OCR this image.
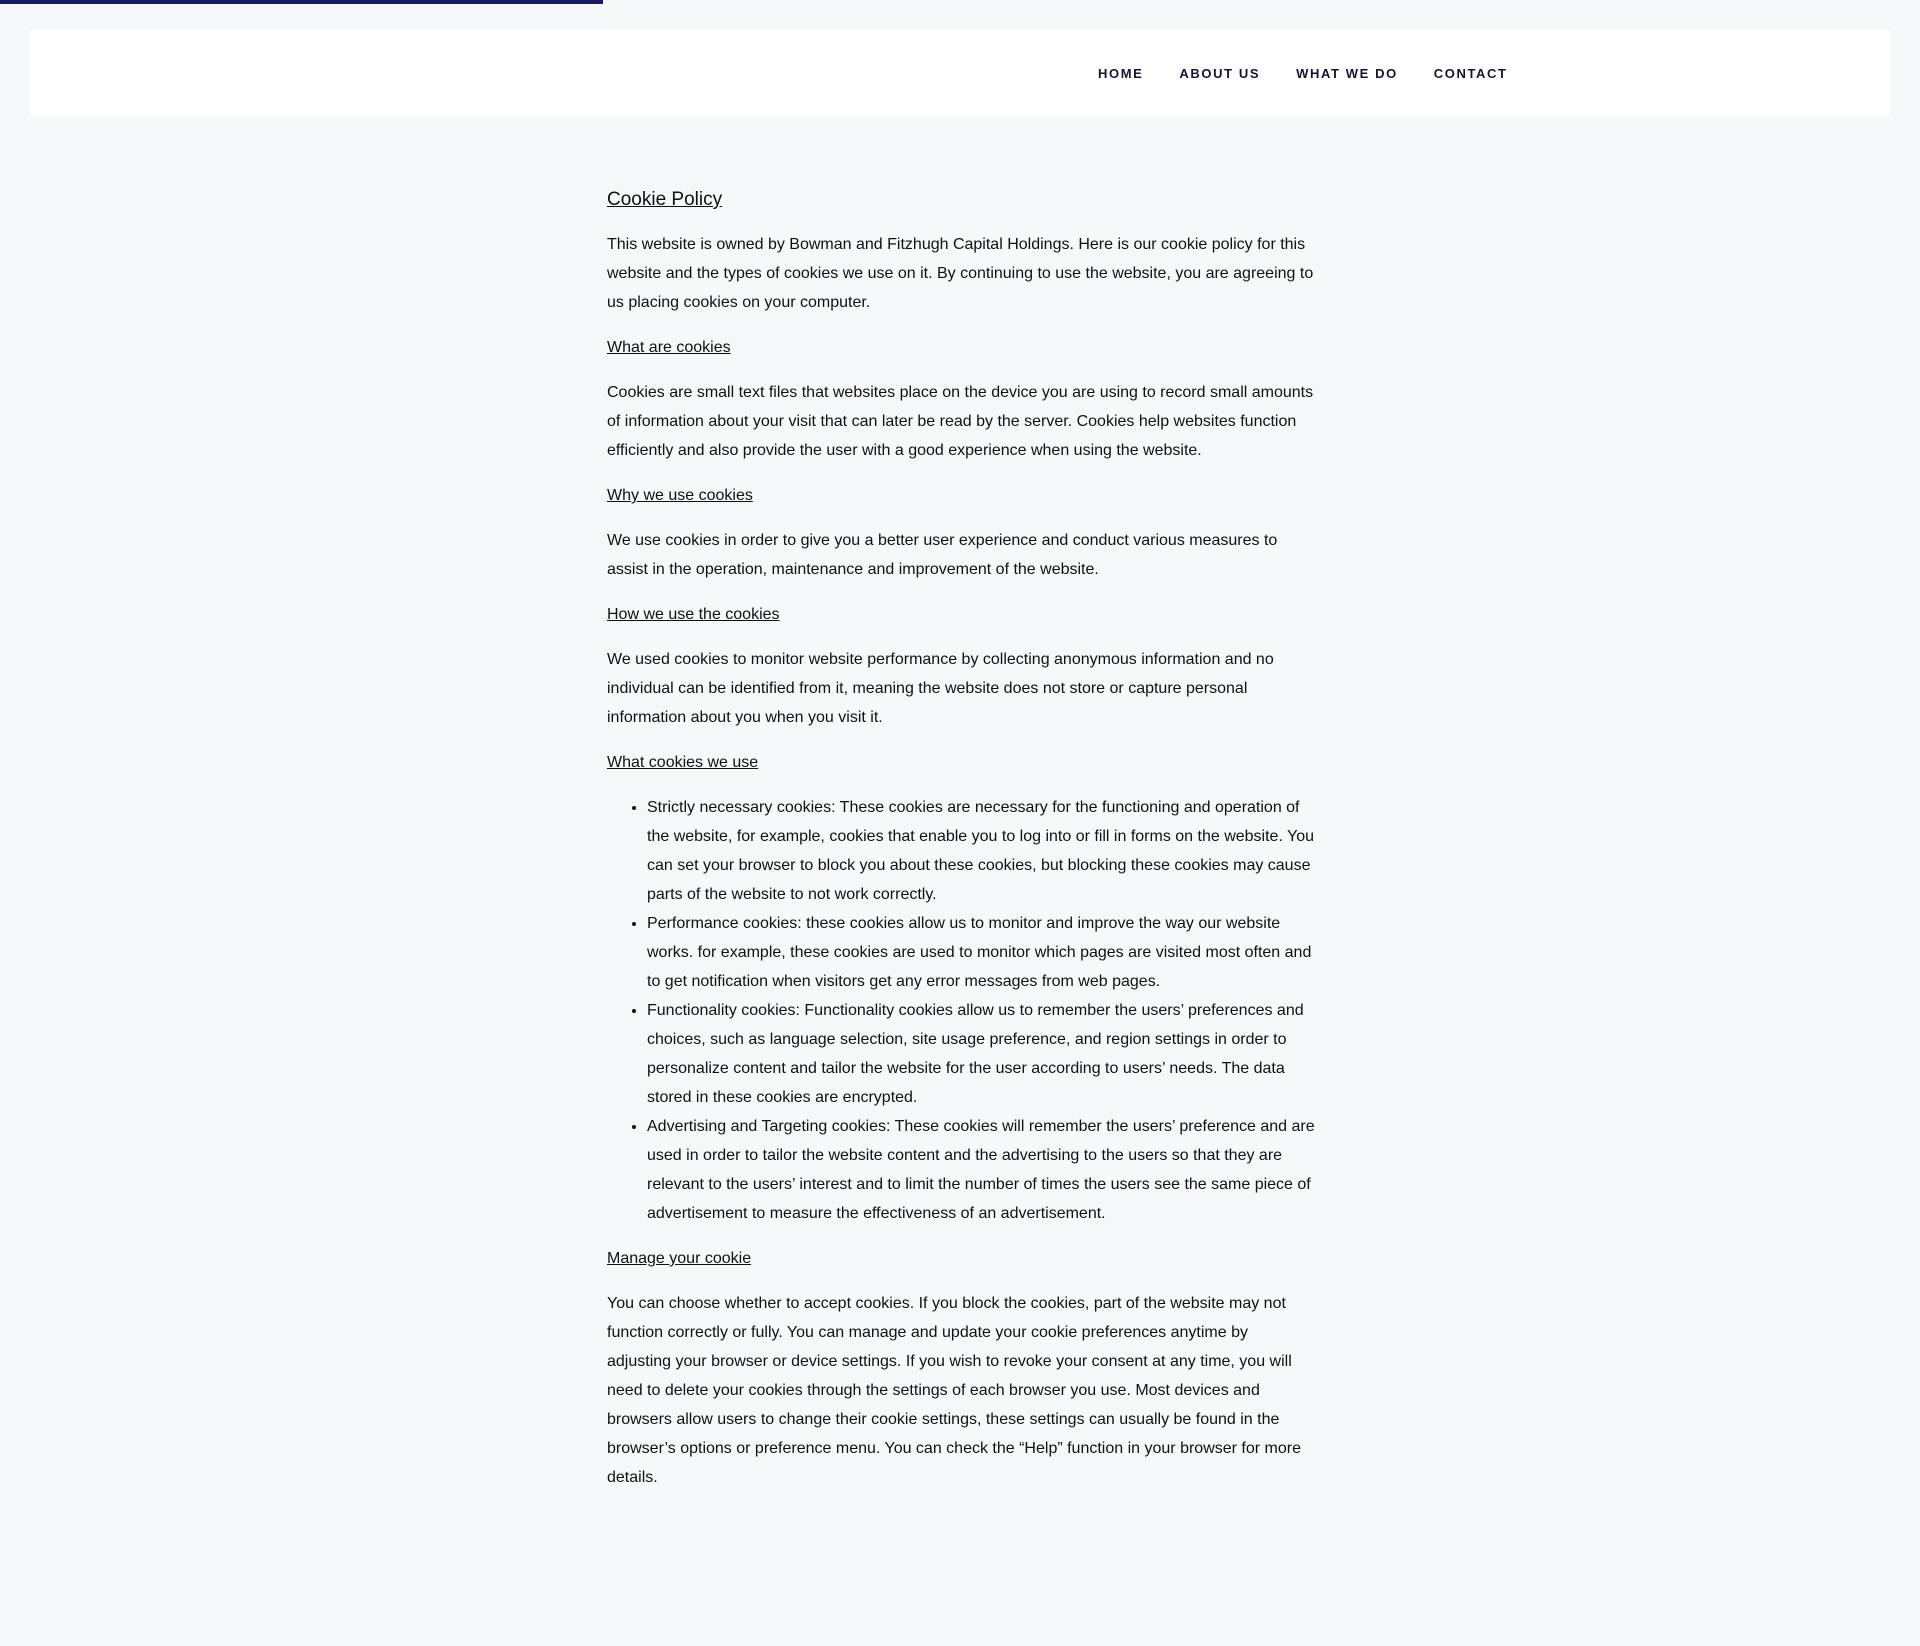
HOME	ABOUT US	WHAT WE DO	CONTACT
Cookie Policy

This website is owned by Bowman and Fitzhugh Capital Holdings. Here is our cookie policy for this website and the types of cookies we use on it. By continuing to use the website, you are agreeing to us placing cookies on your computer.

What are cookies

Cookies are small text files that websites place on the device you are using to record small amounts of information about your visit that can later be read by the server. Cookies help websites function efficiently and also provide the user with a good experience when using the website.

Why we use cookies

We use cookies in order to give you a better user experience and conduct various measures to assist in the operation, maintenance and improvement of the website.

How we use the cookies

We used cookies to monitor website performance by collecting anonymous information and no individual can be identified from it, meaning the website does not store or capture personal information about you when you visit it.

What cookies we use

• Strictly necessary cookies: These cookies are necessary for the functioning and operation of the website, for example, cookies that enable you to log into or fill in forms on the website. You can set your browser to block you about these cookies, but blocking these cookies may cause parts of the website to not work correctly.
• Performance cookies: these cookies allow us to monitor and improve the way our website works. for example, these cookies are used to monitor which pages are visited most often and to get notification when visitors get any error messages from web pages.
• Functionality cookies: Functionality cookies allow us to remember the users’ preferences and choices, such as language selection, site usage preference, and region settings in order to personalize content and tailor the website for the user according to users’ needs. The data stored in these cookies are encrypted.
• Advertising and Targeting cookies: These cookies will remember the users’ preference and are used in order to tailor the website content and the advertising to the users so that they are relevant to the users’ interest and to limit the number of times the users see the same piece of advertisement to measure the effectiveness of an advertisement.

Manage your cookie

You can choose whether to accept cookies. If you block the cookies, part of the website may not function correctly or fully. You can manage and update your cookie preferences anytime by adjusting your browser or device settings. If you wish to revoke your consent at any time, you will need to delete your cookies through the settings of each browser you use. Most devices and browsers allow users to change their cookie settings, these settings can usually be found in the browser’s options or preference menu. You can check the “Help” function in your browser for more details.
